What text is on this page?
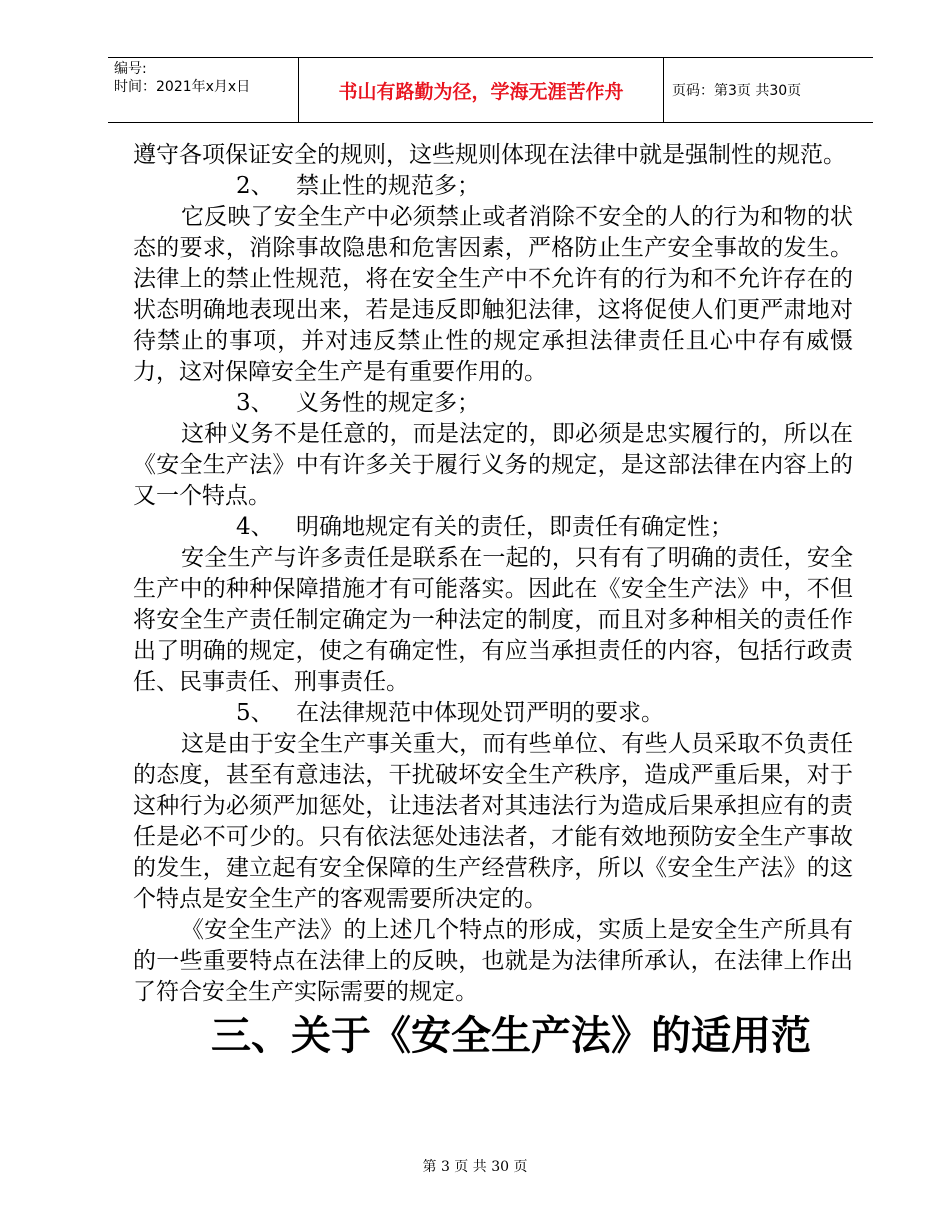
编号:
时间：2021年x月x日	书山有路勤为径，学海无涯苦作舟	页码：第3页 共30页

遵守各项保证安全的规则，这些规则体现在法律中就是强制性的规范。

2、 禁止性的规范多；

它反映了安全生产中必须禁止或者消除不安全的人的行为和物的状态的要求，消除事故隐患和危害因素，严格防止生产安全事故的发生。法律上的禁止性规范，将在安全生产中不允许有的行为和不允许存在的状态明确地表现出来，若是违反即触犯法律，这将促使人们更严肃地对待禁止的事项，并对违反禁止性的规定承担法律责任且心中存有威慑力，这对保障安全生产是有重要作用的。

3、 义务性的规定多；

这种义务不是任意的，而是法定的，即必须是忠实履行的，所以在《安全生产法》中有许多关于履行义务的规定，是这部法律在内容上的又一个特点。

4、 明确地规定有关的责任，即责任有确定性；

安全生产与许多责任是联系在一起的，只有有了明确的责任，安全生产中的种种保障措施才有可能落实。因此在《安全生产法》中，不但将安全生产责任制定确定为一种法定的制度，而且对多种相关的责任作出了明确的规定，使之有确定性，有应当承担责任的内容，包括行政责任、民事责任、刑事责任。

5、 在法律规范中体现处罚严明的要求。

这是由于安全生产事关重大，而有些单位、有些人员采取不负责任的态度，甚至有意违法，干扰破坏安全生产秩序，造成严重后果，对于这种行为必须严加惩处，让违法者对其违法行为造成后果承担应有的责任是必不可少的。只有依法惩处违法者，才能有效地预防安全生产事故的发生，建立起有安全保障的生产经营秩序，所以《安全生产法》的这个特点是安全生产的客观需要所决定的。

《安全生产法》的上述几个特点的形成，实质上是安全生产所具有的一些重要特点在法律上的反映，也就是为法律所承认，在法律上作出了符合安全生产实际需要的规定。

三、关于《安全生产法》的适用范
第 3 页 共 30 页
